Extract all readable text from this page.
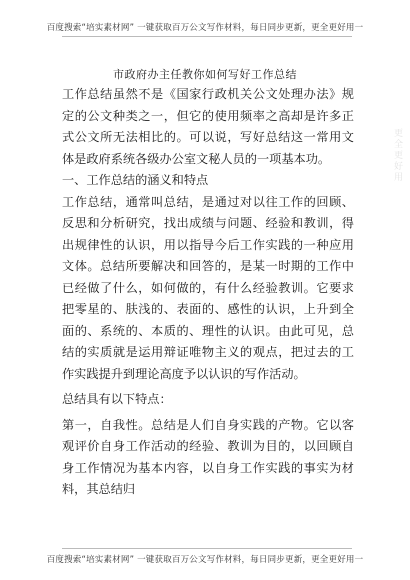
百度搜索“培实素材网” 一键获取百万公文写作材料，每日同步更新，更全更好用一
市政府办主任教你如何写好工作总结

工作总结虽然不是《国家行政机关公文处理办法》规定的公文种类之一，但它的使用频率之高却是许多正式公文所无法相比的。可以说，写好总结这一常用文体是政府系统各级办公室文秘人员的一项基本功。

一、工作总结的涵义和特点

工作总结，通常叫总结，是通过对以往工作的回顾、反思和分析研究，找出成绩与问题、经验和教训，得出规律性的认识，用以指导今后工作实践的一种应用文体。总结所要解决和回答的，是某一时期的工作中已经做了什么，如何做的，有什么经验教训。它要求把零星的、肤浅的、表面的、感性的认识，上升到全面的、系统的、本质的、理性的认识。由此可见，总结的实质就是运用辩证唯物主义的观点，把过去的工作实践提升到理论高度予以认识的写作活动。

总结具有以下特点：

第一，自我性。总结是人们自身实践的产物。它以客观评价自身工作活动的经验、教训为目的，以回顾自身工作情况为基本内容，以自身工作实践的事实为材料，其总结归

更全更好用
百度搜索“培实素材网” 一键获取百万公文写作材料，每日同步更新，更全更好用一
